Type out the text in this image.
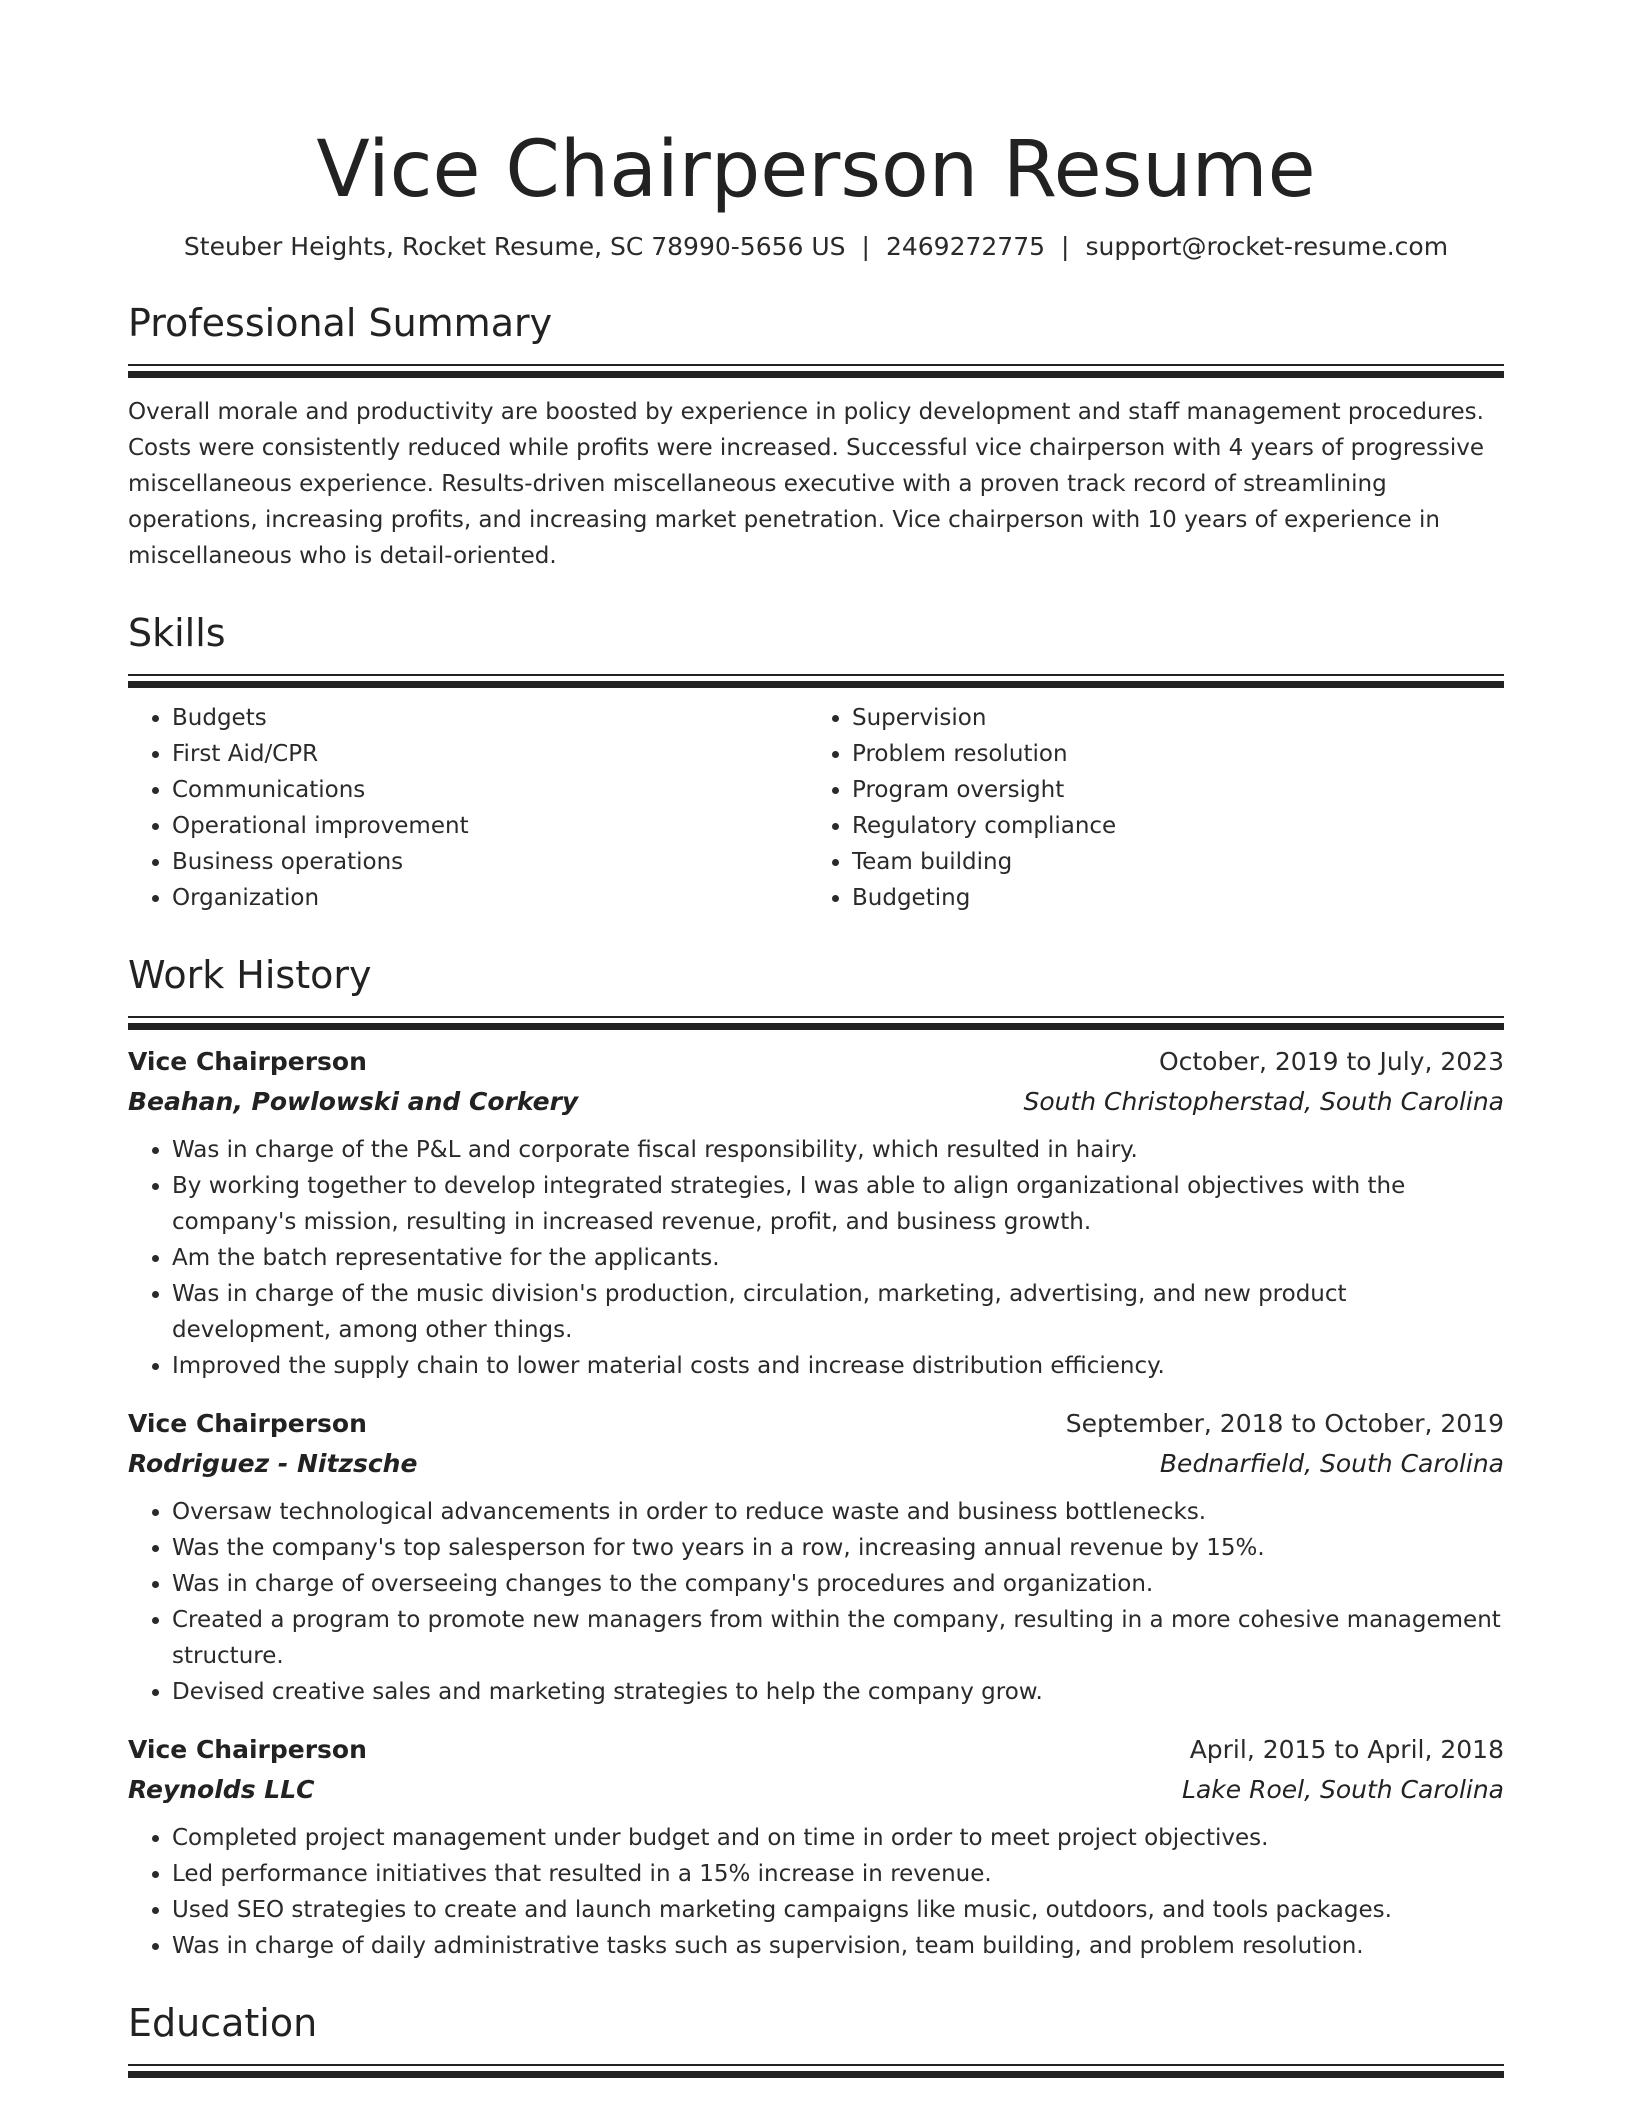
Vice Chairperson Resume
Steuber Heights, Rocket Resume, SC 78990-5656 US | 2469272775 | support@rocket-resume.com
Professional Summary
Overall morale and productivity are boosted by experience in policy development and staff management procedures. Costs were consistently reduced while profits were increased. Successful vice chairperson with 4 years of progressive miscellaneous experience. Results-driven miscellaneous executive with a proven track record of streamlining operations, increasing profits, and increasing market penetration. Vice chairperson with 10 years of experience in miscellaneous who is detail-oriented.
Skills
• Budgets
• First Aid/CPR
• Communications
• Operational improvement
• Business operations
• Organization
• Supervision
• Problem resolution
• Program oversight
• Regulatory compliance
• Team building
• Budgeting
Work History
Vice Chairperson	October, 2019 to July, 2023
Beahan, Powlowski and Corkery	South Christopherstad, South Carolina
• Was in charge of the P&L and corporate fiscal responsibility, which resulted in hairy.
• By working together to develop integrated strategies, I was able to align organizational objectives with the company's mission, resulting in increased revenue, profit, and business growth.
• Am the batch representative for the applicants.
• Was in charge of the music division's production, circulation, marketing, advertising, and new product development, among other things.
• Improved the supply chain to lower material costs and increase distribution efficiency.
Vice Chairperson	September, 2018 to October, 2019
Rodriguez - Nitzsche	Bednarfield, South Carolina
• Oversaw technological advancements in order to reduce waste and business bottlenecks.
• Was the company's top salesperson for two years in a row, increasing annual revenue by 15%.
• Was in charge of overseeing changes to the company's procedures and organization.
• Created a program to promote new managers from within the company, resulting in a more cohesive management structure.
• Devised creative sales and marketing strategies to help the company grow.
Vice Chairperson	April, 2015 to April, 2018
Reynolds LLC	Lake Roel, South Carolina
• Completed project management under budget and on time in order to meet project objectives.
• Led performance initiatives that resulted in a 15% increase in revenue.
• Used SEO strategies to create and launch marketing campaigns like music, outdoors, and tools packages.
• Was in charge of daily administrative tasks such as supervision, team building, and problem resolution.
Education
